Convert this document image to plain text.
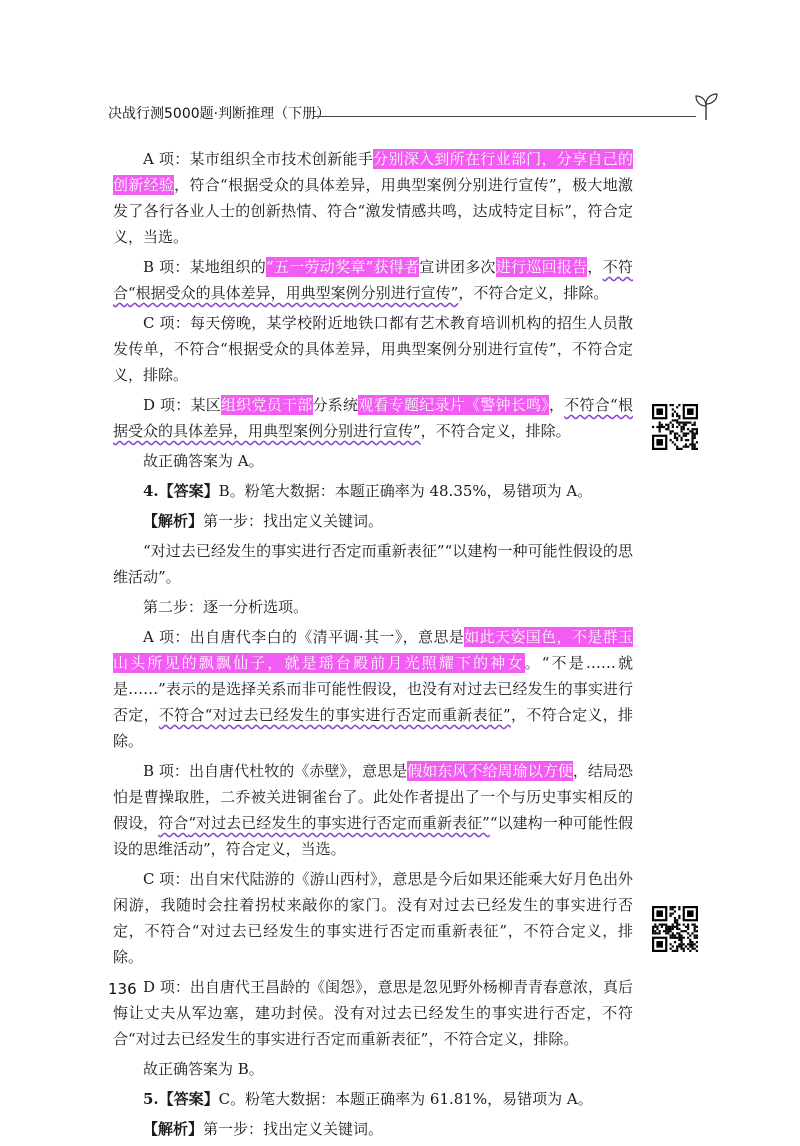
决战行测5000题·判断推理（下册）

A 项：某市组织全市技术创新能手分别深入到所在行业部门，分享自己的创新经验，符合“根据受众的具体差异，用典型案例分别进行宣传”，极大地激发了各行各业人士的创新热情、符合“激发情感共鸣，达成特定目标”，符合定义，当选。

B 项：某地组织的“五一劳动奖章”获得者宣讲团多次进行巡回报告，不符合“根据受众的具体差异，用典型案例分别进行宣传”，不符合定义，排除。

C 项：每天傍晚，某学校附近地铁口都有艺术教育培训机构的招生人员散发传单，不符合“根据受众的具体差异，用典型案例分别进行宣传”，不符合定义，排除。

D 项：某区组织党员干部分系统观看专题纪录片《警钟长鸣》，不符合“根据受众的具体差异，用典型案例分别进行宣传”，不符合定义，排除。

故正确答案为 A。

4.【答案】B。粉笔大数据：本题正确率为 48.35%，易错项为 A。

【解析】第一步：找出定义关键词。

“对过去已经发生的事实进行否定而重新表征”“以建构一种可能性假设的思维活动”。

第二步：逐一分析选项。

A 项：出自唐代李白的《清平调·其一》，意思是如此天姿国色，不是群玉山头所见的飘飘仙子，就是瑶台殿前月光照耀下的神女。“不是……就是……”表示的是选择关系而非可能性假设，也没有对过去已经发生的事实进行否定，不符合“对过去已经发生的事实进行否定而重新表征”，不符合定义，排除。

B 项：出自唐代杜牧的《赤壁》，意思是假如东风不给周瑜以方便，结局恐怕是曹操取胜，二乔被关进铜雀台了。此处作者提出了一个与历史事实相反的假设，符合“对过去已经发生的事实进行否定而重新表征”“以建构一种可能性假设的思维活动”，符合定义，当选。

C 项：出自宋代陆游的《游山西村》，意思是今后如果还能乘大好月色出外闲游，我随时会拄着拐杖来敲你的家门。没有对过去已经发生的事实进行否定，不符合“对过去已经发生的事实进行否定而重新表征”，不符合定义，排除。

D 项：出自唐代王昌龄的《闺怨》，意思是忽见野外杨柳青青春意浓，真后悔让丈夫从军边塞，建功封侯。没有对过去已经发生的事实进行否定，不符合“对过去已经发生的事实进行否定而重新表征”，不符合定义，排除。

故正确答案为 B。

5.【答案】C。粉笔大数据：本题正确率为 61.81%，易错项为 A。

【解析】第一步：找出定义关键词。

136
